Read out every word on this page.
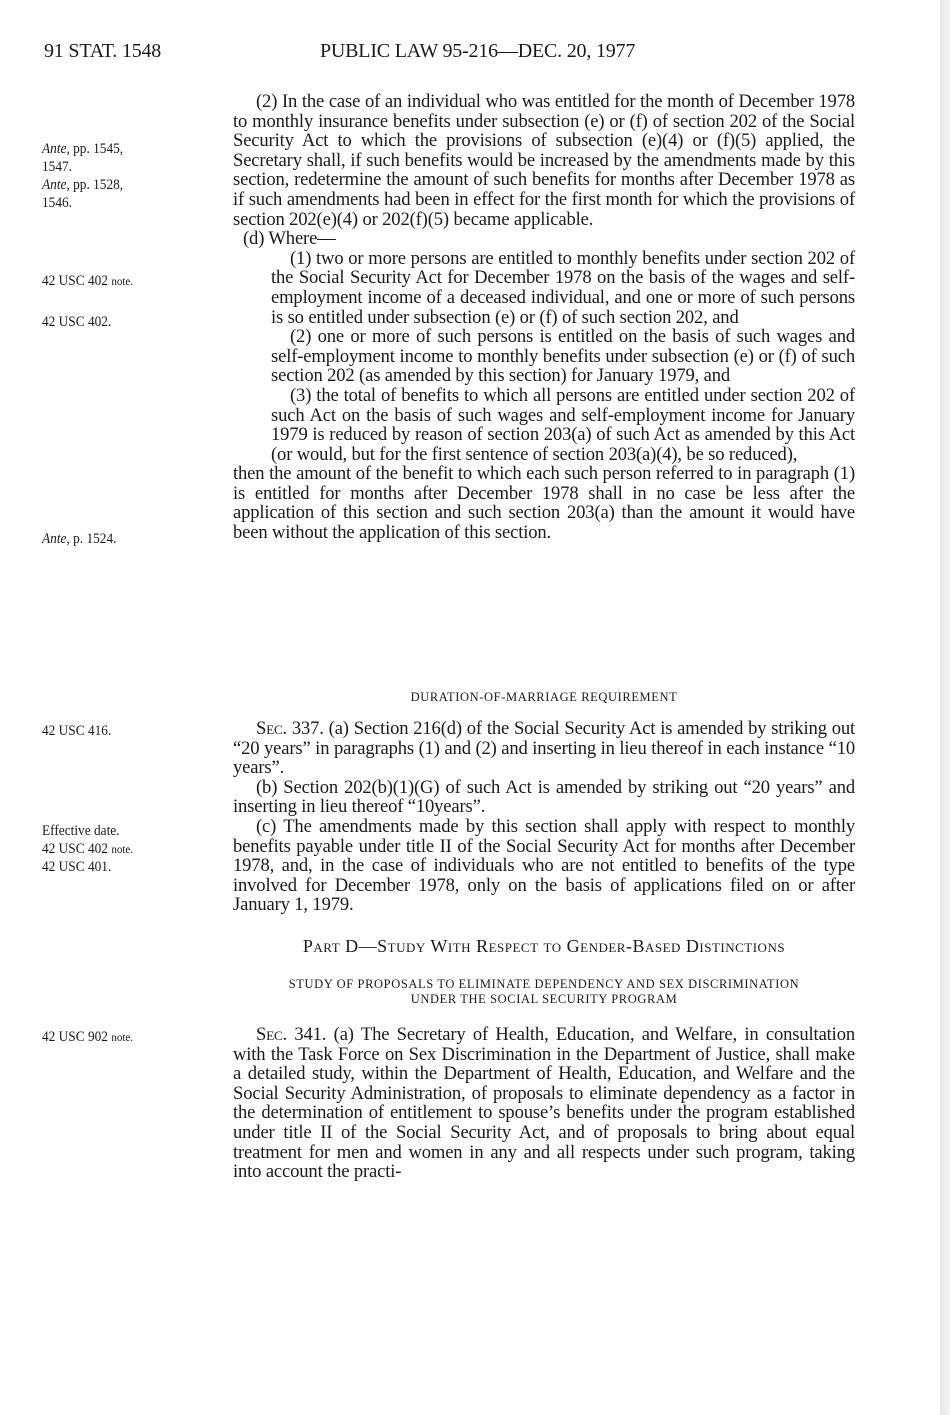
91 STAT. 1548	PUBLIC LAW 95-216—DEC. 20, 1977
Ante, pp. 1545,
1547.
Ante, pp. 1528,
1546.
42 USC 402 note.
42 USC 402.
Ante, p. 1524.
42 USC 416.
Effective date.
42 USC 402 note.
42 USC 401.
42 USC 902 note.

(2) In the case of an individual who was entitled for the month of December 1978 to monthly insurance benefits under subsection (e) or (f) of section 202 of the Social Security Act to which the provisions of subsection (e)(4) or (f)(5) applied, the Secretary shall, if such benefits would be increased by the amendments made by this section, redetermine the amount of such benefits for months after December 1978 as if such amendments had been in effect for the first month for which the provisions of section 202(e)(4) or 202(f)(5) became applicable.

(d) Where—

(1) two or more persons are entitled to monthly benefits under section 202 of the Social Security Act for December 1978 on the basis of the wages and self-employment income of a deceased individual, and one or more of such persons is so entitled under subsection (e) or (f) of such section 202, and

(2) one or more of such persons is entitled on the basis of such wages and self-employment income to monthly benefits under subsection (e) or (f) of such section 202 (as amended by this section) for January 1979, and

(3) the total of benefits to which all persons are entitled under section 202 of such Act on the basis of such wages and self-employment income for January 1979 is reduced by reason of section 203(a) of such Act as amended by this Act (or would, but for the first sentence of section 203(a)(4), be so reduced),

then the amount of the benefit to which each such person referred to in paragraph (1) is entitled for months after December 1978 shall in no case be less after the application of this section and such section 203(a) than the amount it would have been without the application of this section.

DURATION-OF-MARRIAGE REQUIREMENT

Sec. 337. (a) Section 216(d) of the Social Security Act is amended by striking out “20 years” in paragraphs (1) and (2) and inserting in lieu thereof in each instance “10 years”.

(b) Section 202(b)(1)(G) of such Act is amended by striking out “20 years” and inserting in lieu thereof “10years”.

(c) The amendments made by this section shall apply with respect to monthly benefits payable under title II of the Social Security Act for months after December 1978, and, in the case of individuals who are not entitled to benefits of the type involved for December 1978, only on the basis of applications filed on or after January 1, 1979.

Part D—Study With Respect to Gender-Based Distinctions
STUDY OF PROPOSALS TO ELIMINATE DEPENDENCY AND SEX DISCRIMINATION
UNDER THE SOCIAL SECURITY PROGRAM

Sec. 341. (a) The Secretary of Health, Education, and Welfare, in consultation with the Task Force on Sex Discrimination in the Department of Justice, shall make a detailed study, within the Department of Health, Education, and Welfare and the Social Security Administration, of proposals to eliminate dependency as a factor in the determination of entitlement to spouse’s benefits under the program established under title II of the Social Security Act, and of proposals to bring about equal treatment for men and women in any and all respects under such program, taking into account the practi-
